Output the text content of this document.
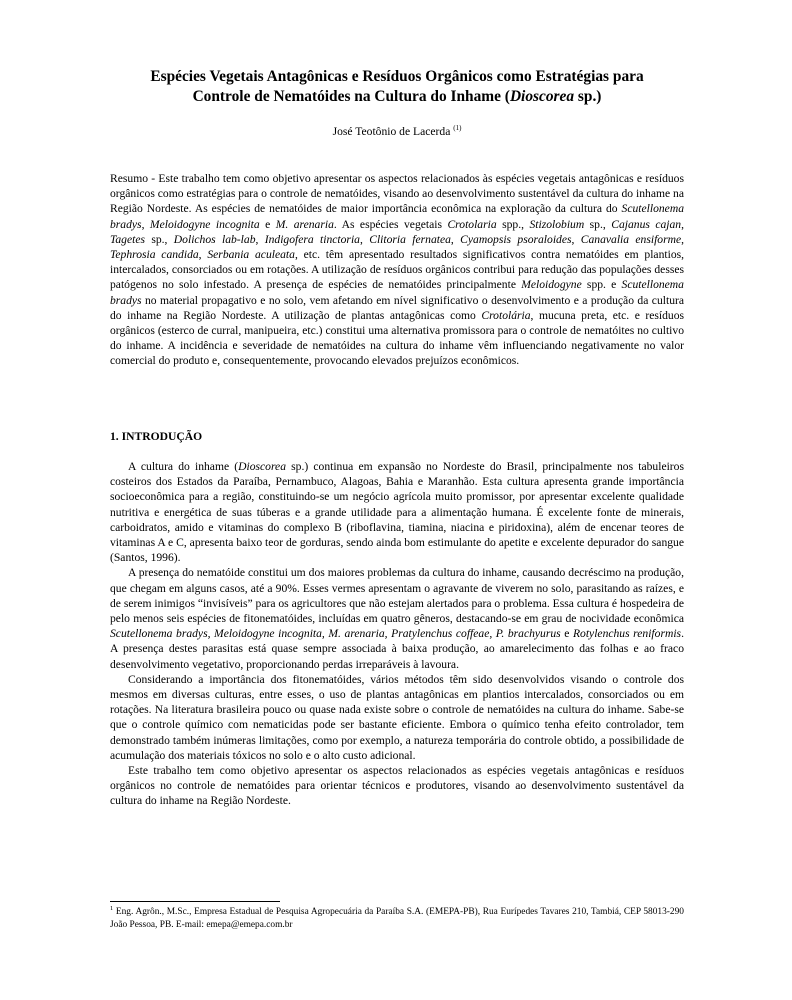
Espécies Vegetais Antagônicas e Resíduos Orgânicos como Estratégias para
Controle de Nematóides na Cultura do Inhame (Dioscorea sp.)
José Teotônio de Lacerda $^{(1)}$

Resumo - Este trabalho tem como objetivo apresentar os aspectos relacionados às espécies vegetais antagônicas e resíduos orgânicos como estratégias para o controle de nematóides, visando ao desenvolvimento sustentável da cultura do inhame na Região Nordeste. As espécies de nematóides de maior importância econômica na exploração da cultura do Scutellonema bradys, Meloidogyne incognita e M. arenaria. As espécies vegetais Crotolaria spp., Stizolobium sp., Cajanus cajan, Tagetes sp., Dolichos lab-lab, Indigofera tinctoria, Clitoria fernatea, Cyamopsis psoraloides, Canavalia ensiforme, Tephrosia candida, Serbania aculeata, etc. têm apresentado resultados significativos contra nematóides em plantios, intercalados, consorciados ou em rotações. A utilização de resíduos orgânicos contribui para redução das populações desses patógenos no solo infestado. A presença de espécies de nematóides principalmente Meloidogyne spp. e Scutellonema bradys no material propagativo e no solo, vem afetando em nível significativo o desenvolvimento e a produção da cultura do inhame na Região Nordeste. A utilização de plantas antagônicas como Crotolária, mucuna preta, etc. e resíduos orgânicos (esterco de curral, manipueira, etc.) constitui uma alternativa promissora para o controle de nematóites no cultivo do inhame. A incidência e severidade de nematóides na cultura do inhame vêm influenciando negativamente no valor comercial do produto e, consequentemente, provocando elevados prejuízos econômicos.

1. INTRODUÇÃO

A cultura do inhame (Dioscorea sp.) continua em expansão no Nordeste do Brasil, principalmente nos tabuleiros costeiros dos Estados da Paraíba, Pernambuco, Alagoas, Bahia e Maranhão. Esta cultura apresenta grande importância socioeconômica para a região, constituindo-se um negócio agrícola muito promissor, por apresentar excelente qualidade nutritiva e energética de suas túberas e a grande utilidade para a alimentação humana. É excelente fonte de minerais, carboidratos, amido e vitaminas do complexo B (riboflavina, tiamina, niacina e piridoxina), além de encenar teores de vitaminas A e C, apresenta baixo teor de gorduras, sendo ainda bom estimulante do apetite e excelente depurador do sangue (Santos, 1996).

A presença do nematóide constitui um dos maiores problemas da cultura do inhame, causando decréscimo na produção, que chegam em alguns casos, até a 90%. Esses vermes apresentam o agravante de viverem no solo, parasitando as raízes, e de serem inimigos “invisíveis” para os agricultores que não estejam alertados para o problema. Essa cultura é hospedeira de pelo menos seis espécies de fitonematóides, incluídas em quatro gêneros, destacando-se em grau de nocividade econômica Scutellonema bradys, Meloidogyne incognita, M. arenaria, Pratylenchus coffeae, P. brachyurus e Rotylenchus reniformis. A presença destes parasitas está quase sempre associada à baixa produção, ao amarelecimento das folhas e ao fraco desenvolvimento vegetativo, proporcionando perdas irreparáveis à lavoura.

Considerando a importância dos fitonematóides, vários métodos têm sido desenvolvidos visando o controle dos mesmos em diversas culturas, entre esses, o uso de plantas antagônicas em plantios intercalados, consorciados ou em rotações. Na literatura brasileira pouco ou quase nada existe sobre o controle de nematóides na cultura do inhame. Sabe-se que o controle químico com nematicidas pode ser bastante eficiente. Embora o químico tenha efeito controlador, tem demonstrado também inúmeras limitações, como por exemplo, a natureza temporária do controle obtido, a possibilidade de acumulação dos materiais tóxicos no solo e o alto custo adicional.

Este trabalho tem como objetivo apresentar os aspectos relacionados as espécies vegetais antagônicas e resíduos orgânicos no controle de nematóides para orientar técnicos e produtores, visando ao desenvolvimento sustentável da cultura do inhame na Região Nordeste.

$^1$ Eng. Agrôn., M.Sc., Empresa Estadual de Pesquisa Agropecuária da Paraíba S.A. (EMEPA-PB), Rua Eurípedes Tavares 210, Tambiá, CEP 58013-290 João Pessoa, PB. E-mail: emepa@emepa.com.br
